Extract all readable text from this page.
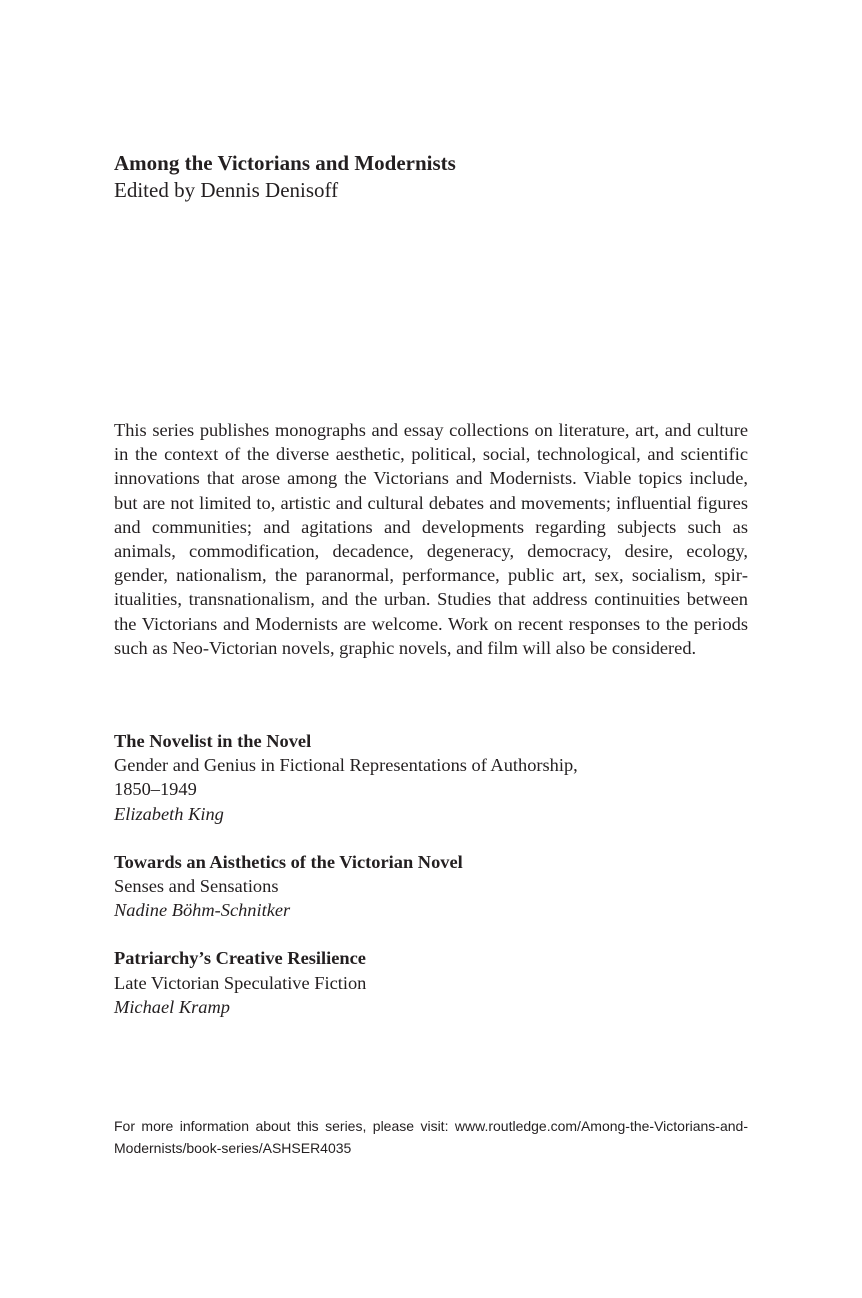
Among the Victorians and Modernists

Edited by Dennis Denisoff

This series publishes monographs and essay collections on literature, art, and culture in the context of the diverse aesthetic, political, social, technological, and scientific innovations that arose among the Victorians and Modernists. Viable topics include, but are not limited to, artistic and cultural debates and movements; influential figures and communities; and agitations and developments regarding subjects such as animals, commodification, decadence, degeneracy, democracy, desire, ecology, gender, nationalism, the paranormal, performance, public art, sex, socialism, spiritualities, transnationalism, and the urban. Studies that address continuities between the Victorians and Modernists are welcome. Work on recent responses to the periods such as Neo-Victorian novels, graphic novels, and film will also be considered.

The Novelist in the Novel
Gender and Genius in Fictional Representations of Authorship,
1850–1949
Elizabeth King
Towards an Aisthetics of the Victorian Novel
Senses and Sensations
Nadine Böhm-Schnitker
Patriarchy’s Creative Resilience
Late Victorian Speculative Fiction
Michael Kramp

For more information about this series, please visit: www.routledge.com/Among-the-Victorians-and-Modernists/book-series/ASHSER4035
